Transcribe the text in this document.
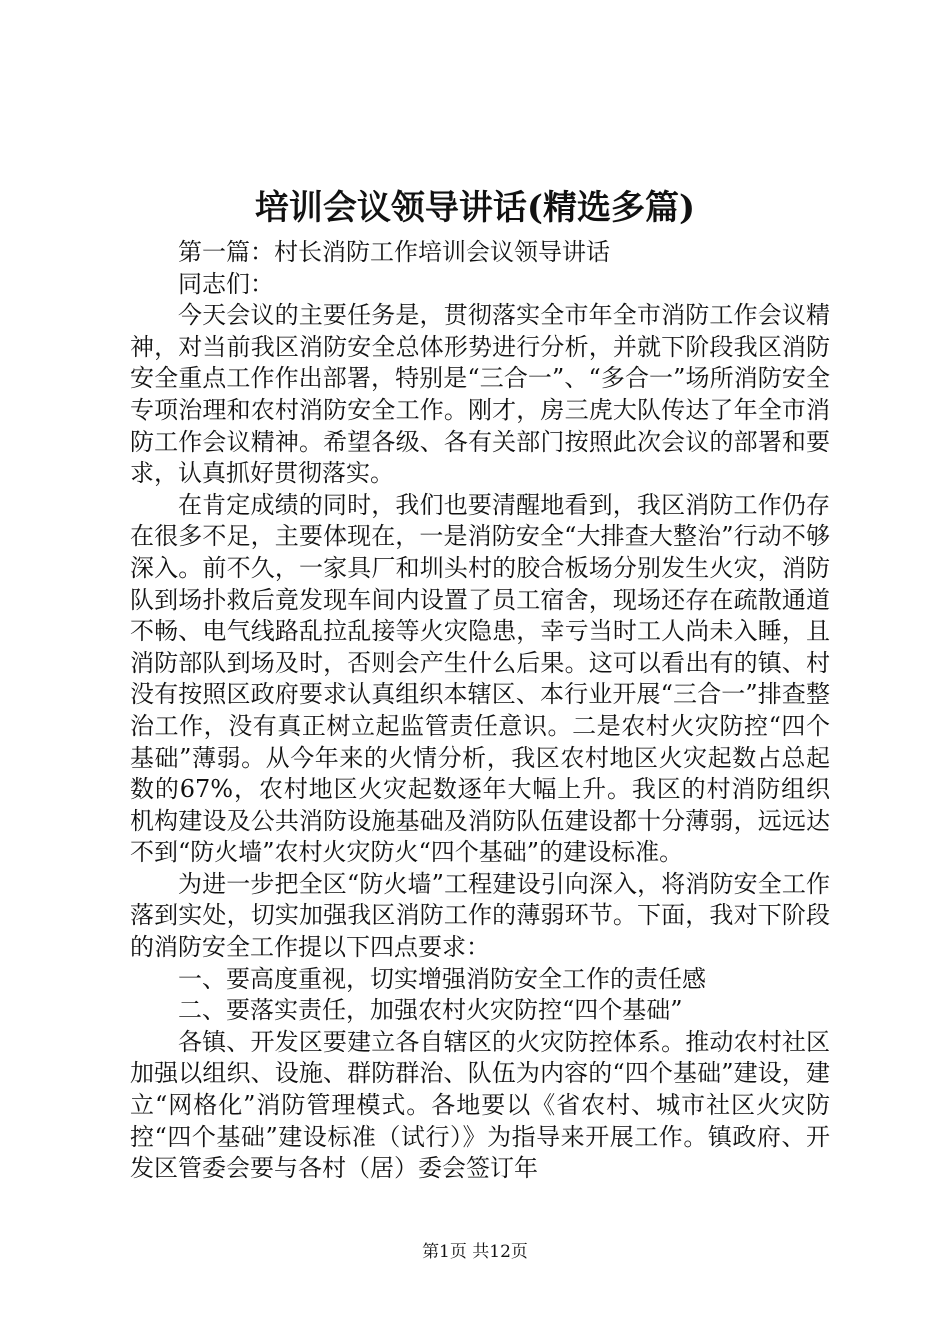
培训会议领导讲话(精选多篇)

第一篇：村长消防工作培训会议领导讲话

同志们：

今天会议的主要任务是，贯彻落实全市年全市消防工作会议精神，对当前我区消防安全总体形势进行分析，并就下阶段我区消防安全重点工作作出部署，特别是“三合一”、“多合一”场所消防安全专项治理和农村消防安全工作。刚才，房三虎大队传达了年全市消防工作会议精神。希望各级、各有关部门按照此次会议的部署和要求，认真抓好贯彻落实。

在肯定成绩的同时，我们也要清醒地看到，我区消防工作仍存在很多不足，主要体现在，一是消防安全“大排查大整治”行动不够深入。前不久，一家具厂和圳头村的胶合板场分别发生火灾，消防队到场扑救后竟发现车间内设置了员工宿舍，现场还存在疏散通道不畅、电气线路乱拉乱接等火灾隐患，幸亏当时工人尚未入睡，且消防部队到场及时，否则会产生什么后果。这可以看出有的镇、村没有按照区政府要求认真组织本辖区、本行业开展“三合一”排查整治工作，没有真正树立起监管责任意识。二是农村火灾防控“四个基础”薄弱。从今年来的火情分析，我区农村地区火灾起数占总起数的67%，农村地区火灾起数逐年大幅上升。我区的村消防组织机构建设及公共消防设施基础及消防队伍建设都十分薄弱，远远达不到“防火墙”农村火灾防火“四个基础”的建设标准。

为进一步把全区“防火墙”工程建设引向深入，将消防安全工作落到实处，切实加强我区消防工作的薄弱环节。下面，我对下阶段的消防安全工作提以下四点要求：

一、要高度重视，切实增强消防安全工作的责任感

二、要落实责任，加强农村火灾防控“四个基础”

各镇、开发区要建立各自辖区的火灾防控体系。推动农村社区加强以组织、设施、群防群治、队伍为内容的“四个基础”建设，建立“网格化”消防管理模式。各地要以《省农村、城市社区火灾防控“四个基础”建设标准（试行）》为指导来开展工作。镇政府、开发区管委会要与各村（居）委会签订年

第1页 共12页
